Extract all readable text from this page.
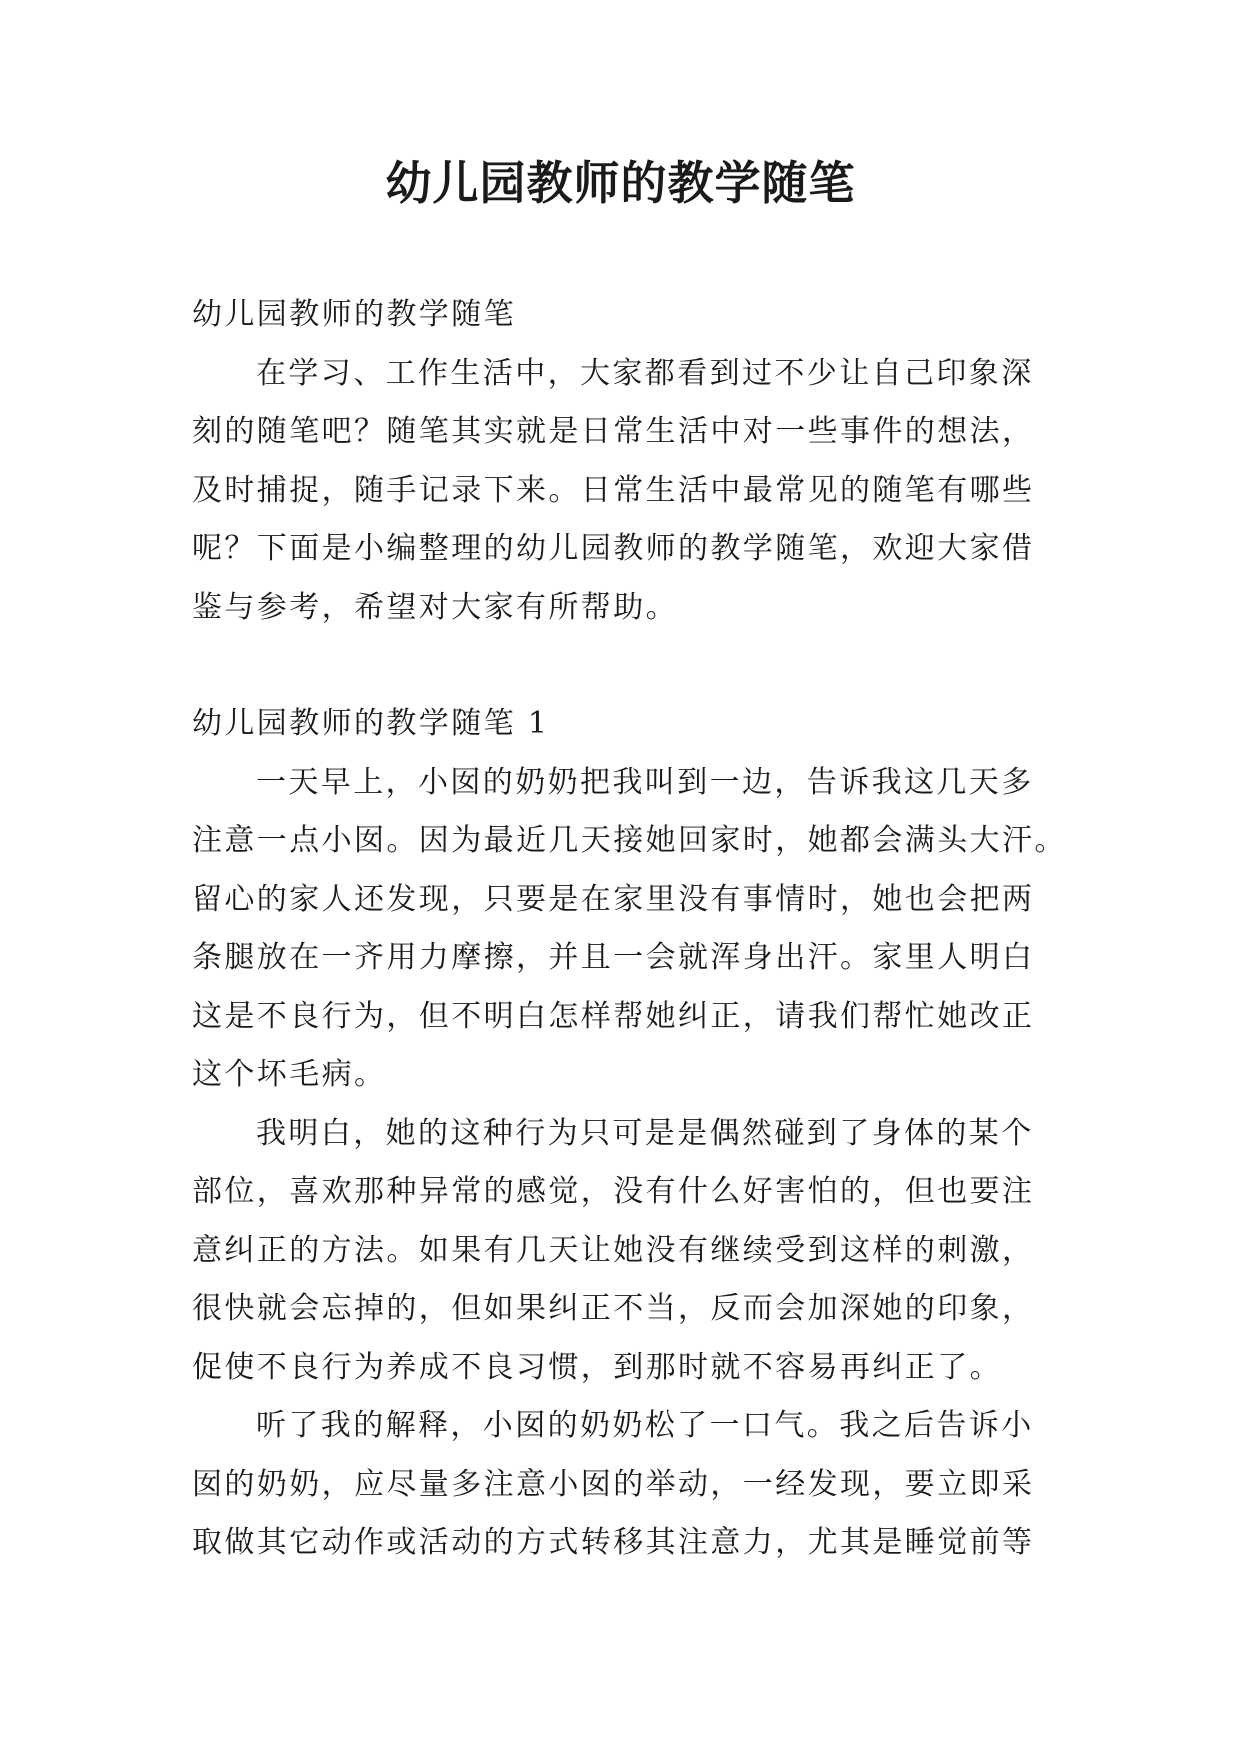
幼儿园教师的教学随笔
幼儿园教师的教学随笔
在学习、工作生活中，大家都看到过不少让自己印象深
刻的随笔吧？随笔其实就是日常生活中对一些事件的想法，
及时捕捉，随手记录下来。日常生活中最常见的随笔有哪些
呢？下面是小编整理的幼儿园教师的教学随笔，欢迎大家借
鉴与参考，希望对大家有所帮助。
幼儿园教师的教学随笔 1
一天早上，小囡的奶奶把我叫到一边，告诉我这几天多
注意一点小囡。因为最近几天接她回家时，她都会满头大汗。
留心的家人还发现，只要是在家里没有事情时，她也会把两
条腿放在一齐用力摩擦，并且一会就浑身出汗。家里人明白
这是不良行为，但不明白怎样帮她纠正，请我们帮忙她改正
这个坏毛病。
我明白，她的这种行为只可是是偶然碰到了身体的某个
部位，喜欢那种异常的感觉，没有什么好害怕的，但也要注
意纠正的方法。如果有几天让她没有继续受到这样的刺激，
很快就会忘掉的，但如果纠正不当，反而会加深她的印象，
促使不良行为养成不良习惯，到那时就不容易再纠正了。
听了我的解释，小囡的奶奶松了一口气。我之后告诉小
囡的奶奶，应尽量多注意小囡的举动，一经发现，要立即采
取做其它动作或活动的方式转移其注意力，尤其是睡觉前等
